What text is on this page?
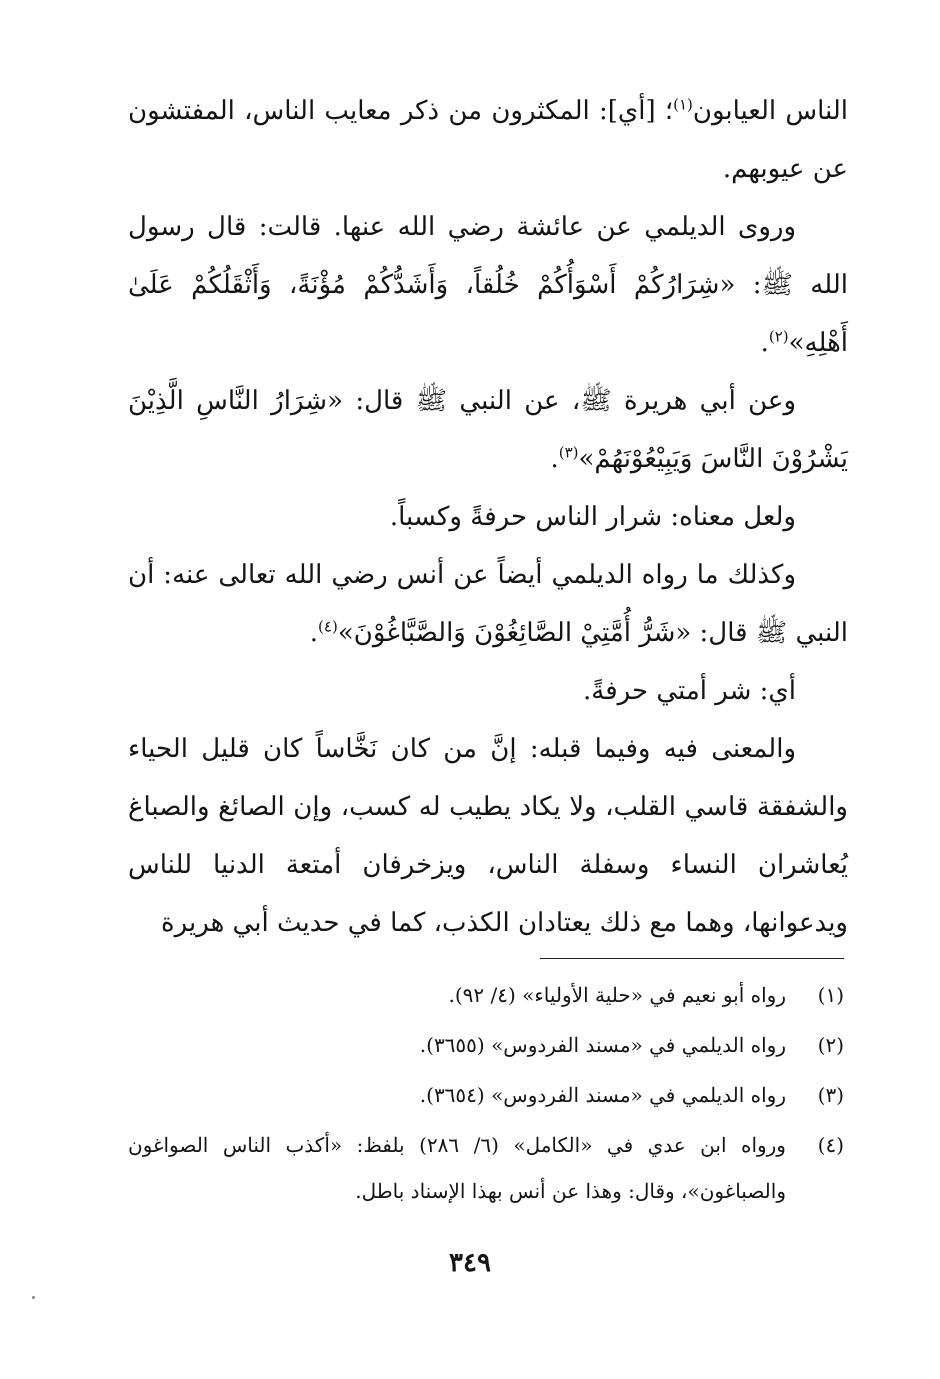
الناس العيابون$^{(١)}$؛ [أي]: المكثرون من ذكر معايب الناس، المفتشون عن عيوبهم.

وروى الديلمي عن عائشة رضي الله عنها. قالت: قال رسول الله ﷺ: «شِرَارُكُمْ أَسْوَأُكُمْ خُلُقاً، وَأَشَدُّكُمْ مُؤْنَةً، وَأَثْقَلُكُمْ عَلَىٰ أَهْلِهِ»$^{(٢)}$.

وعن أبي هريرة ﷺ، عن النبي ﷺ قال: «شِرَارُ النَّاسِ الَّذِيْنَ يَشْرُوْنَ النَّاسَ وَيَبِيْعُوْنَهُمْ»$^{(٣)}$.

ولعل معناه: شرار الناس حرفةً وكسباً.

وكذلك ما رواه الديلمي أيضاً عن أنس رضي الله تعالى عنه: أن النبي ﷺ قال: «شَرُّ أُمَّتِيْ الصَّائِغُوْنَ وَالصَّبَّاغُوْنَ»$^{(٤)}$.

أي: شر أمتي حرفةً.

والمعنى فيه وفيما قبله: إنَّ من كان نَخَّاساً كان قليل الحياء والشفقة قاسي القلب، ولا يكاد يطيب له كسب، وإن الصائغ والصباغ يُعاشران النساء وسفلة الناس، ويزخرفان أمتعة الدنيا للناس ويدعوانها، وهما مع ذلك يعتادان الكذب، كما في حديث أبي هريرة

(١)
رواه أبو نعيم في «حلية الأولياء» (٤/ ٩٢).

(٢)
رواه الديلمي في «مسند الفردوس» (٣٦٥٥).

(٣)
رواه الديلمي في «مسند الفردوس» (٣٦٥٤).

(٤)
ورواه ابن عدي في «الكامل» (٦/ ٢٨٦) بلفظ: «أكذب الناس الصواغون والصباغون»، وقال: وهذا عن أنس بهذا الإسناد باطل.

٣٤٩
